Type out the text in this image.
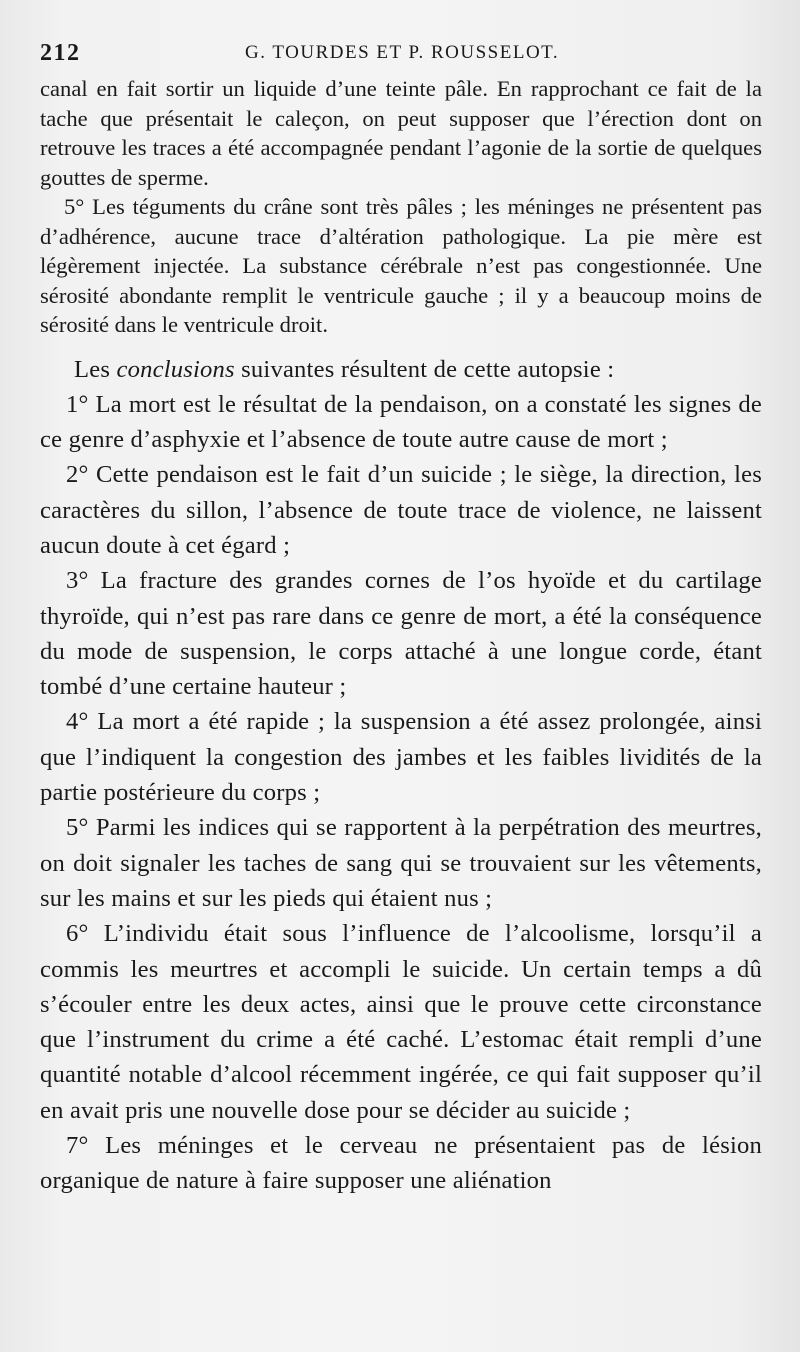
212	G. TOURDES ET P. ROUSSELOT.

canal en fait sortir un liquide d’une teinte pâle. En rapprochant ce fait de la tache que présentait le caleçon, on peut supposer que l’érection dont on retrouve les traces a été accompagnée pendant l’agonie de la sortie de quelques gouttes de sperme.

5° Les téguments du crâne sont très pâles ; les méninges ne présentent pas d’adhérence, aucune trace d’altération pathologique. La pie mère est légèrement injectée. La substance cérébrale n’est pas congestionnée. Une sérosité abondante remplit le ventricule gauche ; il y a beaucoup moins de sérosité dans le ventricule droit.

Les conclusions suivantes résultent de cette autopsie :

1° La mort est le résultat de la pendaison, on a constaté les signes de ce genre d’asphyxie et l’absence de toute autre cause de mort ;

2° Cette pendaison est le fait d’un suicide ; le siège, la direction, les caractères du sillon, l’absence de toute trace de violence, ne laissent aucun doute à cet égard ;

3° La fracture des grandes cornes de l’os hyoïde et du cartilage thyroïde, qui n’est pas rare dans ce genre de mort, a été la conséquence du mode de suspension, le corps attaché à une longue corde, étant tombé d’une certaine hauteur ;

4° La mort a été rapide ; la suspension a été assez prolongée, ainsi que l’indiquent la congestion des jambes et les faibles lividités de la partie postérieure du corps ;

5° Parmi les indices qui se rapportent à la perpétration des meurtres, on doit signaler les taches de sang qui se trouvaient sur les vêtements, sur les mains et sur les pieds qui étaient nus ;

6° L’individu était sous l’influence de l’alcoolisme, lorsqu’il a commis les meurtres et accompli le suicide. Un certain temps a dû s’écouler entre les deux actes, ainsi que le prouve cette circonstance que l’instrument du crime a été caché. L’estomac était rempli d’une quantité notable d’alcool récemment ingérée, ce qui fait supposer qu’il en avait pris une nouvelle dose pour se décider au suicide ;

7° Les méninges et le cerveau ne présentaient pas de lésion organique de nature à faire supposer une aliénation
